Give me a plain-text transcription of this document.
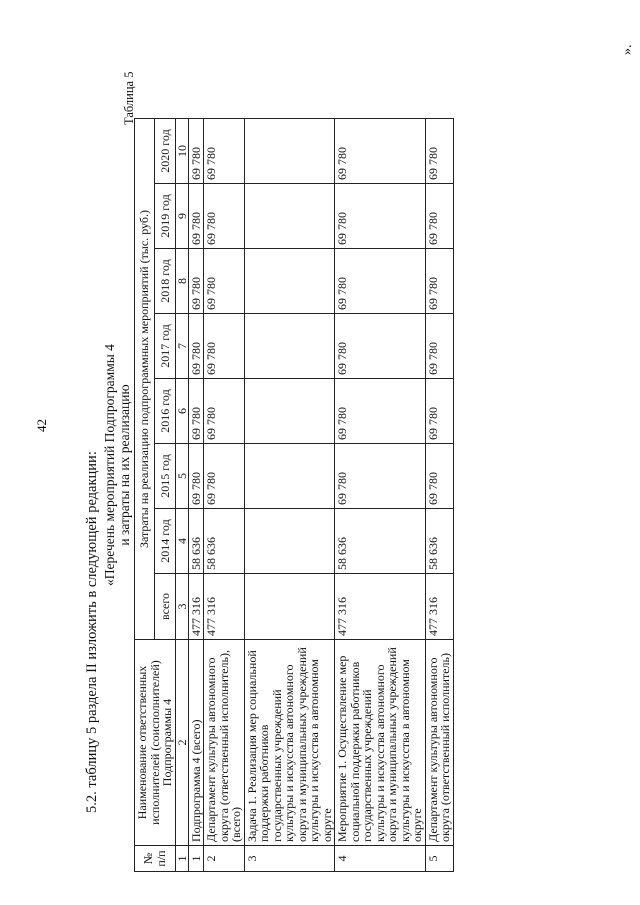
42
5.2. таблицу 5 раздела II изложить в следующей редакции: «Перечень мероприятий Подпрограммы 4 и затраты на их реализацию
Таблица 5
№ п/п	Наименование ответственных исполнителей (соисполнителей) Подпрограммы 4	Затраты на реализацию подпрограммных мероприятий (тыс. руб.)							
		всего	2014 год	2015 год	2016 год	2017 год	2018 год	2019 год	2020 год
1	2	3	4	5	6	7	8	9	10
1	Подпрограмма 4 (всего)	477 316	58 636	69 780	69 780	69 780	69 780	69 780	69 780
2	Департамент культуры автономного округа (ответственный исполнитель), (всего)	477 316	58 636	69 780	69 780	69 780	69 780	69 780	69 780
3	Задача 1. Реализация мер социальной поддержки работников государственных учреждений культуры и искусства автономного округа и муниципальных учреждений культуры и искусства в автономном округе								
4	Мероприятие 1. Осуществление мер социальной поддержки работников государственных учреждений культуры и искусства автономного округа и муниципальных учреждений культуры и искусства в автономном округе	477 316	58 636	69 780	69 780	69 780	69 780	69 780	69 780
5	Департамент культуры автономного округа (ответственный исполнитель)	477 316	58 636	69 780	69 780	69 780	69 780	69 780	69 780
».
